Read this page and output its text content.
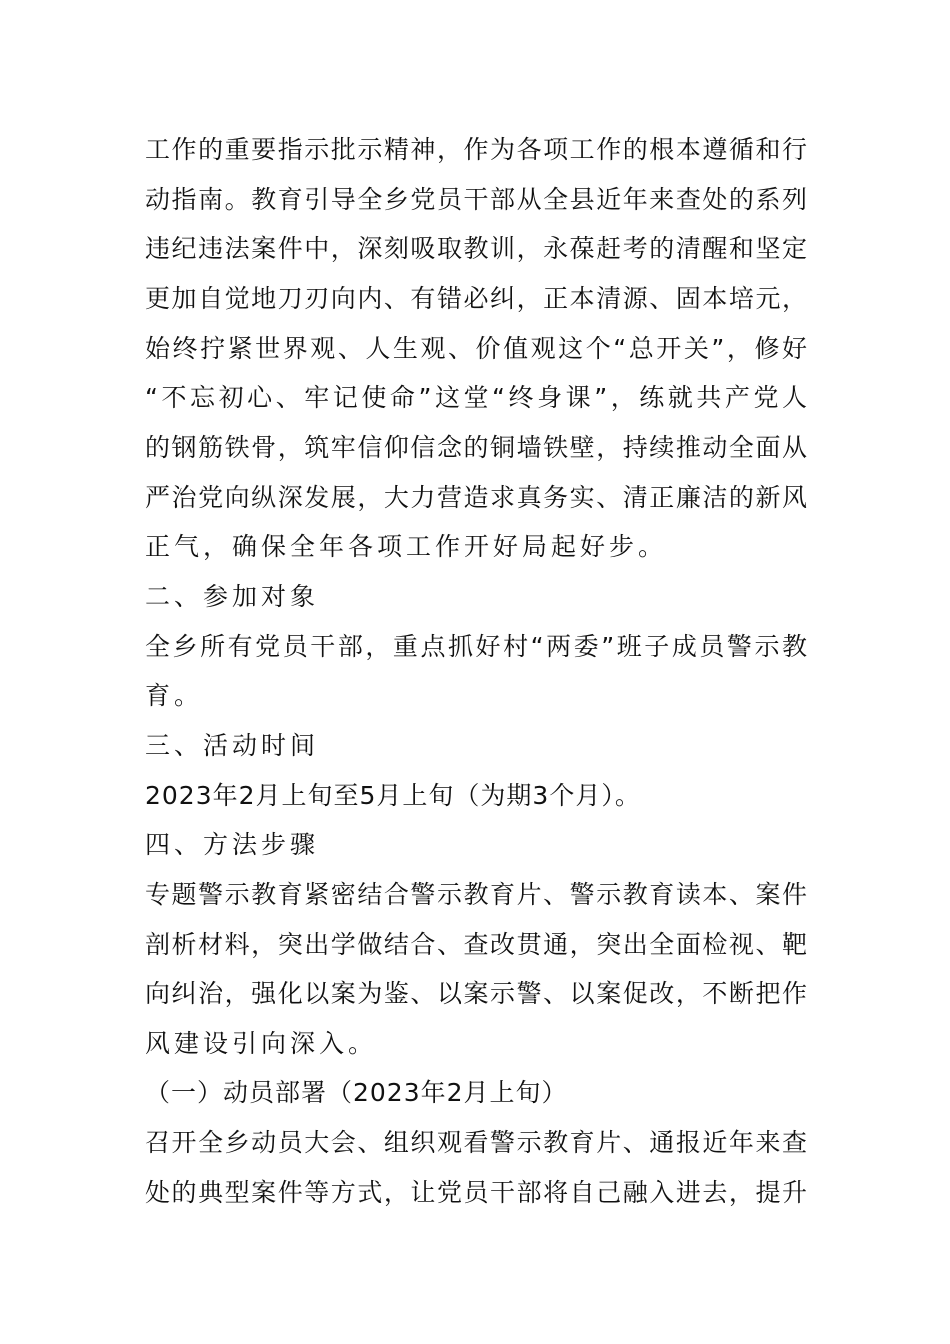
工作的重要指示批示精神，作为各项工作的根本遵循和行
动指南。教育引导全乡党员干部从全县近年来查处的系列
违纪违法案件中，深刻吸取教训，永葆赶考的清醒和坚定
更加自觉地刀刃向内、有错必纠，正本清源、固本培元，
始终拧紧世界观、人生观、价值观这个“总开关”，修好
“不忘初心、牢记使命”这堂“终身课”，练就共产党人
的钢筋铁骨，筑牢信仰信念的铜墙铁壁，持续推动全面从
严治党向纵深发展，大力营造求真务实、清正廉洁的新风
正气，确保全年各项工作开好局起好步。
二、参加对象
全乡所有党员干部，重点抓好村“两委”班子成员警示教
育。
三、活动时间
2023年2月上旬至5月上旬（为期3个月）。
四、方法步骤
专题警示教育紧密结合警示教育片、警示教育读本、案件
剖析材料，突出学做结合、查改贯通，突出全面检视、靶
向纠治，强化以案为鉴、以案示警、以案促改，不断把作
风建设引向深入。
（一）动员部署（2023年2月上旬）
召开全乡动员大会、组织观看警示教育片、通报近年来查
处的典型案件等方式，让党员干部将自己融入进去，提升
